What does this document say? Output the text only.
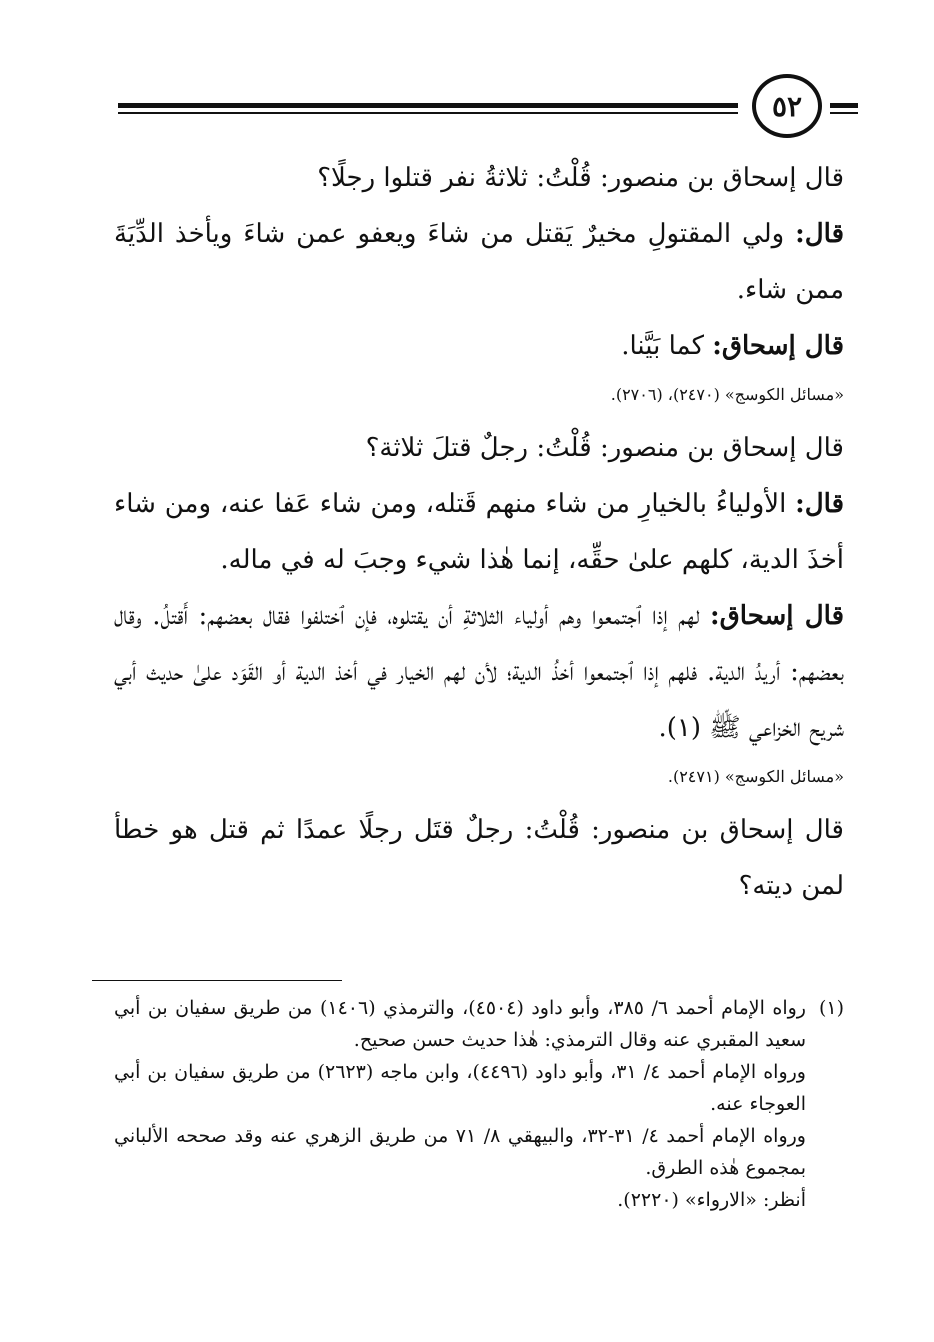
٥٢

قال إسحاق بن منصور: قُلْتُ: ثلاثةُ نفر قتلوا رجلًا؟

قال: ولي المقتولِ مخيرٌ يَقتل من شاءَ ويعفو عمن شاءَ ويأخذ الدِّيَةَ ممن شاء.

قال إسحاق: كما بَيَّنا.

«مسائل الكوسج» (٢٤٧٠)، (٢٧٠٦).

قال إسحاق بن منصور: قُلْتُ: رجلٌ قتلَ ثلاثة؟

قال: الأولياءُ بالخيارِ من شاء منهم قَتله، ومن شاء عَفا عنه، ومن شاء أخذَ الدية، كلهم علىٰ حقِّه، إنما هٰذا شيء وجبَ له في ماله.

قال إسحاق: لهم إذا ٱجتمعوا وهم أولياء الثلاثةِ أن يقتلوه، فإن ٱختلفوا فقال بعضهم: أَقتلُ. وقال بعضهم: أريدُ الدية. فلهم إذا ٱجتمعوا أخذُ الدية؛ لأن لهم الخيار في أخذ الدية أو القَوَد علىٰ حديث أبي شريح الخزاعي ﷺ (١).

«مسائل الكوسج» (٢٤٧١).

قال إسحاق بن منصور: قُلْتُ: رجلٌ قتَل رجلًا عمدًا ثم قتل هو خطأ لمن ديته؟

(١)
رواه الإمام أحمد ٦/ ٣٨٥، وأبو داود (٤٥٠٤)، والترمذي (١٤٠٦) من طريق سفيان بن أبي سعيد المقبري عنه وقال الترمذي: هٰذا حديث حسن صحيح.
ورواه الإمام أحمد ٤/ ٣١، وأبو داود (٤٤٩٦)، وابن ماجه (٢٦٢٣) من طريق سفيان بن أبي العوجاء عنه.
ورواه الإمام أحمد ٤/ ٣١-٣٢، والبيهقي ٨/ ٧١ من طريق الزهري عنه وقد صححه الألباني بمجموع هٰذه الطرق.
أنظر: «الارواء» (٢٢٢٠).
